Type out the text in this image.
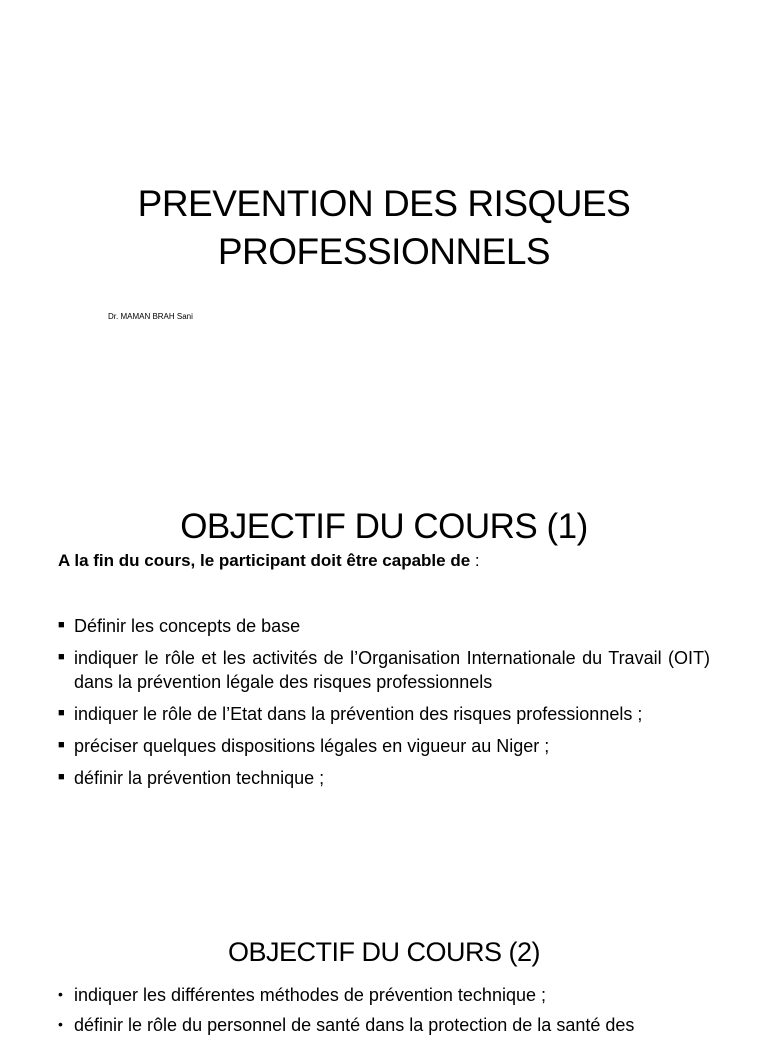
PREVENTION DES RISQUES
PROFESSIONNELS
Dr. MAMAN BRAH Sani
OBJECTIF DU COURS (1)
A la fin du cours, le participant doit être capable de :
■ Définir les concepts de base
■ indiquer le rôle et les activités de l’Organisation Internationale du Travail (OIT) dans la prévention légale des risques professionnels
■ indiquer le rôle de l’Etat dans la prévention des risques professionnels ;
■ préciser quelques dispositions légales en vigueur au Niger ;
■ définir la prévention technique ;
OBJECTIF DU COURS (2)
• indiquer les différentes méthodes de prévention technique ;
• définir le rôle du personnel de santé dans la protection de la santé des
